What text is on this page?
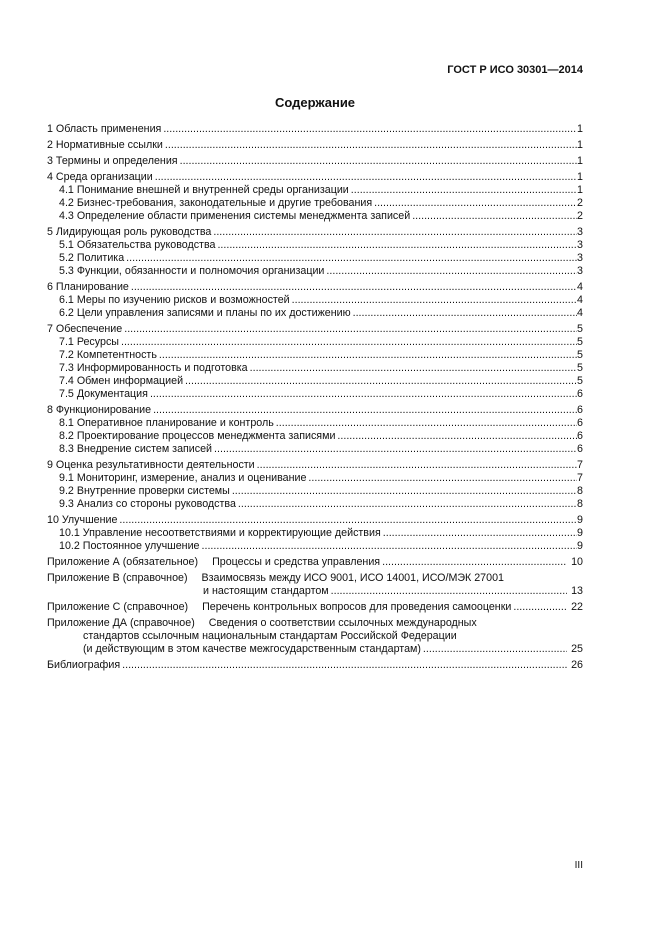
ГОСТ Р ИСО 30301—2014
Содержание
1 Область применения .....	1
2 Нормативные ссылки .....	1
3 Термины и определения .....	1
4 Среда организации .....	1
4.1 Понимание внешней и внутренней среды организации .....	1
4.2 Бизнес-требования, законодательные и другие требования .....	2
4.3 Определение области применения системы менеджмента записей .....	2
5 Лидирующая роль руководства .....	3
5.1 Обязательства руководства .....	3
5.2 Политика .....	3
5.3 Функции, обязанности и полномочия организации .....	3
6 Планирование .....	4
6.1 Меры по изучению рисков и возможностей .....	4
6.2 Цели управления записями и планы по их достижению .....	4
7 Обеспечение .....	5
7.1 Ресурсы .....	5
7.2 Компетентность .....	5
7.3 Информированность и подготовка .....	5
7.4 Обмен информацией .....	5
7.5 Документация .....	6
8 Функционирование .....	6
8.1 Оперативное планирование и контроль .....	6
8.2 Проектирование процессов менеджмента записями .....	6
8.3 Внедрение систем записей .....	6
9 Оценка результативности деятельности .....	7
9.1 Мониторинг, измерение, анализ и оценивание .....	7
9.2 Внутренние проверки системы .....	8
9.3 Анализ со стороны руководства .....	8
10 Улучшение .....	9
10.1 Управление несоответствиями и корректирующие действия .....	9
10.2 Постоянное улучшение .....	9
Приложение А (обязательное) Процессы и средства управления .....	10
Приложение В (справочное) Взаимосвязь между ИСО 9001, ИСО 14001, ИСО/МЭК 27001
и настоящим стандартом .....	13
Приложение С (справочное) Перечень контрольных вопросов для проведения самооценки .....	22
Приложение ДА (справочное) Сведения о соответствии ссылочных международных
стандартов ссылочным национальным стандартам Российской Федерации
(и действующим в этом качестве межгосударственным стандартам) .....	25
Библиография .....	26
III
